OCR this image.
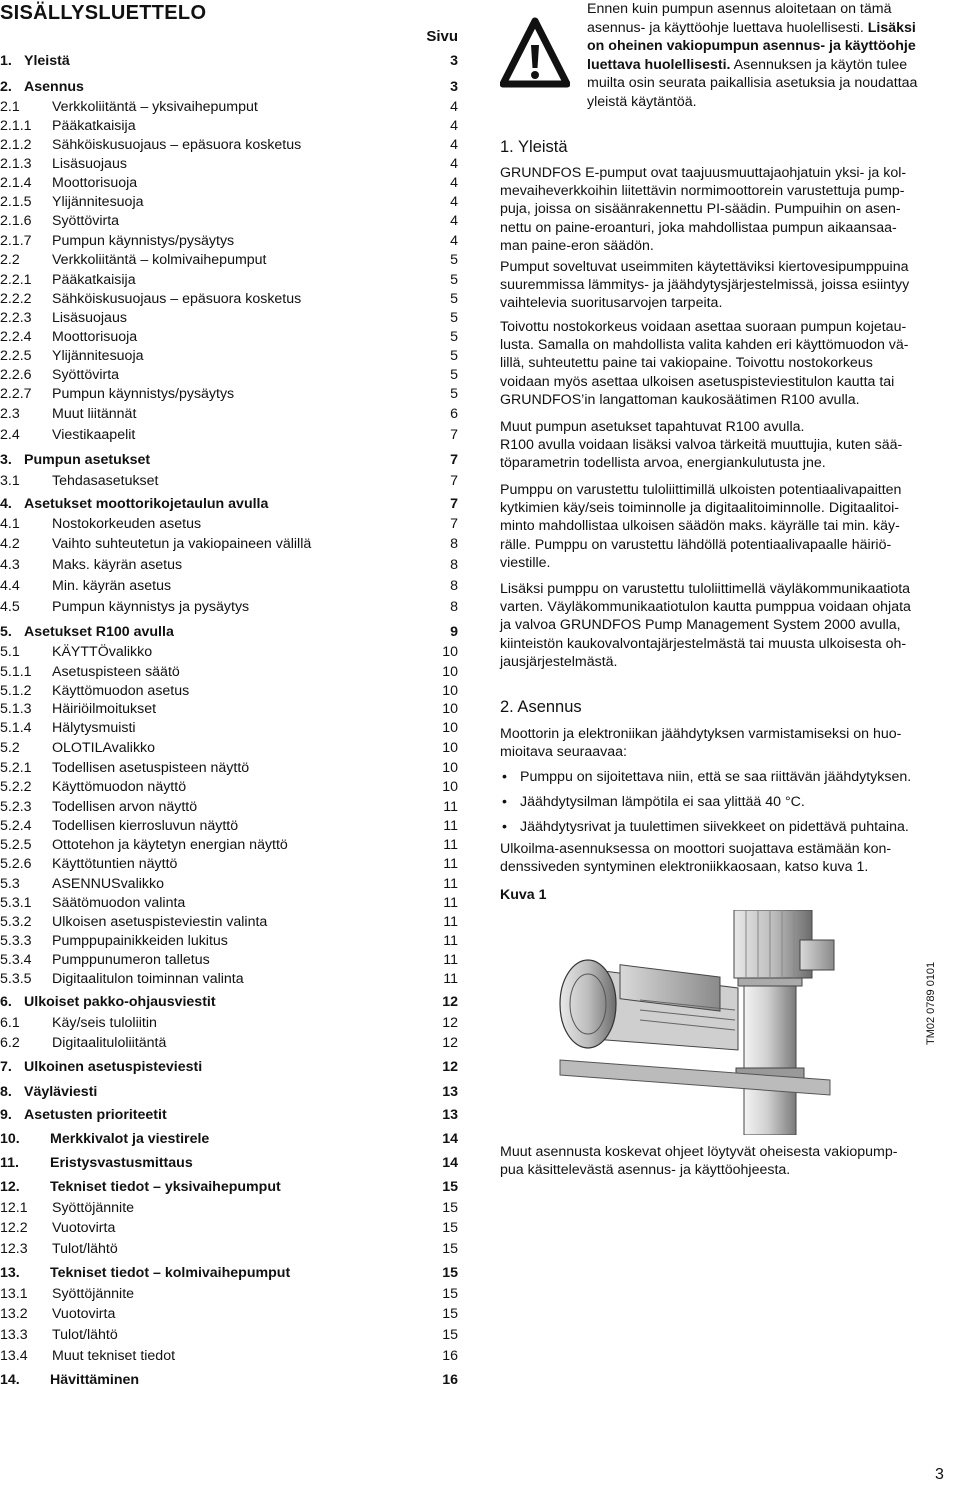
SISÄLLYSLUETTELO
Sivu
1. Yleistä	3
2. Asennus	3
2.1 Verkkoliitäntä – yksivaihepumput	4
2.1.1 Pääkatkaisija	4
2.1.2 Sähköiskusuojaus – epäsuora kosketus	4
2.1.3 Lisäsuojaus	4
2.1.4 Moottorisuoja	4
2.1.5 Ylijännitesuoja	4
2.1.6 Syöttövirta	4
2.1.7 Pumpun käynnistys/pysäytys	4
2.2 Verkkoliitäntä – kolmivaihepumput	5
2.2.1 Pääkatkaisija	5
2.2.2 Sähköiskusuojaus – epäsuora kosketus	5
2.2.3 Lisäsuojaus	5
2.2.4 Moottorisuoja	5
2.2.5 Ylijännitesuoja	5
2.2.6 Syöttövirta	5
2.2.7 Pumpun käynnistys/pysäytys	5
2.3 Muut liitännät	6
2.4 Viestikaapelit	7
3. Pumpun asetukset	7
3.1 Tehdasasetukset	7
4. Asetukset moottorikojetaulun avulla	7
4.1 Nostokorkeuden asetus	7
4.2 Vaihto suhteutetun ja vakiopaineen välillä	8
4.3 Maks. käyrän asetus	8
4.4 Min. käyrän asetus	8
4.5 Pumpun käynnistys ja pysäytys	8
5. Asetukset R100 avulla	9
5.1 KÄYTTÖvalikko	10
5.1.1 Asetuspisteen säätö	10
5.1.2 Käyttömuodon asetus	10
5.1.3 Häiriöilmoitukset	10
5.1.4 Hälytysmuisti	10
5.2 OLOTILAvalikko	10
5.2.1 Todellisen asetuspisteen näyttö	10
5.2.2 Käyttömuodon näyttö	10
5.2.3 Todellisen arvon näyttö	11
5.2.4 Todellisen kierrosluvun näyttö	11
5.2.5 Ottotehon ja käytetyn energian näyttö	11
5.2.6 Käyttötuntien näyttö	11
5.3 ASENNUSvalikko	11
5.3.1 Säätömuodon valinta	11
5.3.2 Ulkoisen asetuspisteviestin valinta	11
5.3.3 Pumppupainikkeiden lukitus	11
5.3.4 Pumppunumeron talletus	11
5.3.5 Digitaalitulon toiminnan valinta	11
6. Ulkoiset pakko-ohjausviestit	12
6.1 Käy/seis tuloliitin	12
6.2 Digitaalituloliitäntä	12
7. Ulkoinen asetuspisteviesti	12
8. Väyläviesti	13
9. Asetusten prioriteetit	13
10. Merkkivalot ja viestirele	14
11. Eristysvastusmittaus	14
12. Tekniset tiedot – yksivaihepumput	15
12.1 Syöttöjännite	15
12.2 Vuotovirta	15
12.3 Tulot/lähtö	15
13. Tekniset tiedot – kolmivaihepumput	15
13.1 Syöttöjännite	15
13.2 Vuotovirta	15
13.3 Tulot/lähtö	15
13.4 Muut tekniset tiedot	16
14. Hävittäminen	16
Ennen kuin pumpun asennus aloitetaan on tämä
asennus- ja käyttöohje luettava huolellisesti. Lisäksi
on oheinen vakiopumpun asennus- ja käyttöohje
luettava huolellisesti. Asennuksen ja käytön tulee
muilta osin seurata paikallisia asetuksia ja noudattaa
yleistä käytäntöä.
1. Yleistä
GRUNDFOS E-pumput ovat taajuusmuuttajaohjatuin yksi- ja kol-
mevaiheverkkoihin liitettävin normimoottorein varustettuja pump-
puja, joissa on sisäänrakennettu PI-säädin. Pumpuihin on asen-
nettu on paine-eroanturi, joka mahdollistaa pumpun aikaansaa-
man paine-eron säädön.
Pumput soveltuvat useimmiten käytettäviksi kiertovesipumppuina
suuremmissa lämmitys- ja jäähdytysjärjestelmissä, joissa esiintyy
vaihtelevia suoritusarvojen tarpeita.
Toivottu nostokorkeus voidaan asettaa suoraan pumpun kojetau-
lusta. Samalla on mahdollista valita kahden eri käyttömuodon vä-
lillä, suhteutettu paine tai vakiopaine. Toivottu nostokorkeus
voidaan myös asettaa ulkoisen asetuspisteviestitulon kautta tai
GRUNDFOS’in langattoman kaukosäätimen R100 avulla.
Muut pumpun asetukset tapahtuvat R100 avulla.
R100 avulla voidaan lisäksi valvoa tärkeitä muuttujia, kuten sää-
töparametrin todellista arvoa, energiankulutusta jne.
Pumppu on varustettu tuloliittimillä ulkoisten potentiaalivapaitten
kytkimien käy/seis toiminnolle ja digitaalitoiminnolle. Digitaalitoi-
minto mahdollistaa ulkoisen säädön maks. käyrälle tai min. käy-
rälle. Pumppu on varustettu lähdöllä potentiaalivapaalle häiriö-
viestille.
Lisäksi pumppu on varustettu tuloliittimellä väyläkommunikaatiota
varten. Väyläkommunikaatiotulon kautta pumppua voidaan ohjata
ja valvoa GRUNDFOS Pump Management System 2000 avulla,
kiinteistön kaukovalvontajärjestelmästä tai muusta ulkoisesta oh-
jausjärjestelmästä.
2. Asennus
Moottorin ja elektroniikan jäähdytyksen varmistamiseksi on huo-
mioitava seuraavaa:
• Pumppu on sijoitettava niin, että se saa riittävän jäähdytyksen.
• Jäähdytysilman lämpötila ei saa ylittää 40 °C.
• Jäähdytysrivat ja tuulettimen siivekkeet on pidettävä puhtaina.
Ulkoilma-asennuksessa on moottori suojattava estämään kon-
denssiveden syntyminen elektroniikkaosaan, katso kuva 1.

Kuva 1

TM02 0789 0101
Muut asennusta koskevat ohjeet löytyvät oheisesta vakiopump-
pua käsittelevästä asennus- ja käyttöohjeesta.
3
